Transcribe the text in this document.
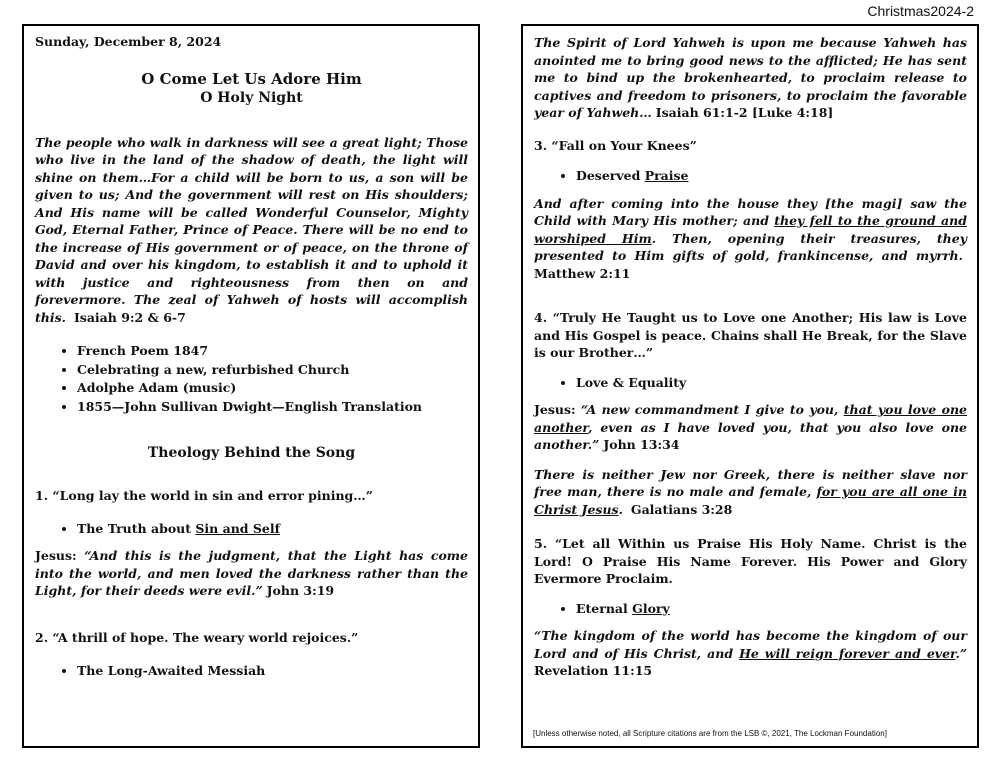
Christmas2024-2

Sunday, December 8, 2024

O Come Let Us Adore Him

O Holy Night

The people who walk in darkness will see a great light; Those who live in the land of the shadow of death, the light will shine on them…For a child will be born to us, a son will be given to us; And the government will rest on His shoulders; And His name will be called Wonderful Counselor, Mighty God, Eternal Father, Prince of Peace. There will be no end to the increase of His government or of peace, on the throne of David and over his kingdom, to establish it and to uphold it with justice and righteousness from then on and forevermore. The zeal of Yahweh of hosts will accomplish this. Isaiah 9:2 & 6-7

• French Poem 1847
• Celebrating a new, refurbished Church
• Adolphe Adam (music)
• 1855—John Sullivan Dwight—English Translation

Theology Behind the Song

1. “Long lay the world in sin and error pining…”

• The Truth about Sin and Self

Jesus: “And this is the judgment, that the Light has come into the world, and men loved the darkness rather than the Light, for their deeds were evil.” John 3:19

2. “A thrill of hope. The weary world rejoices.”

• The Long-Awaited Messiah

The Spirit of Lord Yahweh is upon me because Yahweh has anointed me to bring good news to the afflicted; He has sent me to bind up the brokenhearted, to proclaim release to captives and freedom to prisoners, to proclaim the favorable year of Yahweh… Isaiah 61:1-2 [Luke 4:18]

3. “Fall on Your Knees”

• Deserved Praise

And after coming into the house they [the magi] saw the Child with Mary His mother; and they fell to the ground and worshiped Him. Then, opening their treasures, they presented to Him gifts of gold, frankincense, and myrrh.  Matthew 2:11

4. “Truly He Taught us to Love one Another; His law is Love and His Gospel is peace. Chains shall He Break, for the Slave is our Brother…”

• Love & Equality

Jesus: “A new commandment I give to you, that you love one another, even as I have loved you, that you also love one another.” John 13:34

There is neither Jew nor Greek, there is neither slave nor free man, there is no male and female, for you are all one in Christ Jesus. Galatians 3:28

5. “Let all Within us Praise His Holy Name. Christ is the Lord! O Praise His Name Forever. His Power and Glory Evermore Proclaim.

• Eternal Glory

“The kingdom of the world has become the kingdom of our Lord and of His Christ, and He will reign forever and ever.” Revelation 11:15

[Unless otherwise noted, all Scripture citations are from the LSB ©, 2021, The Lockman Foundation]
